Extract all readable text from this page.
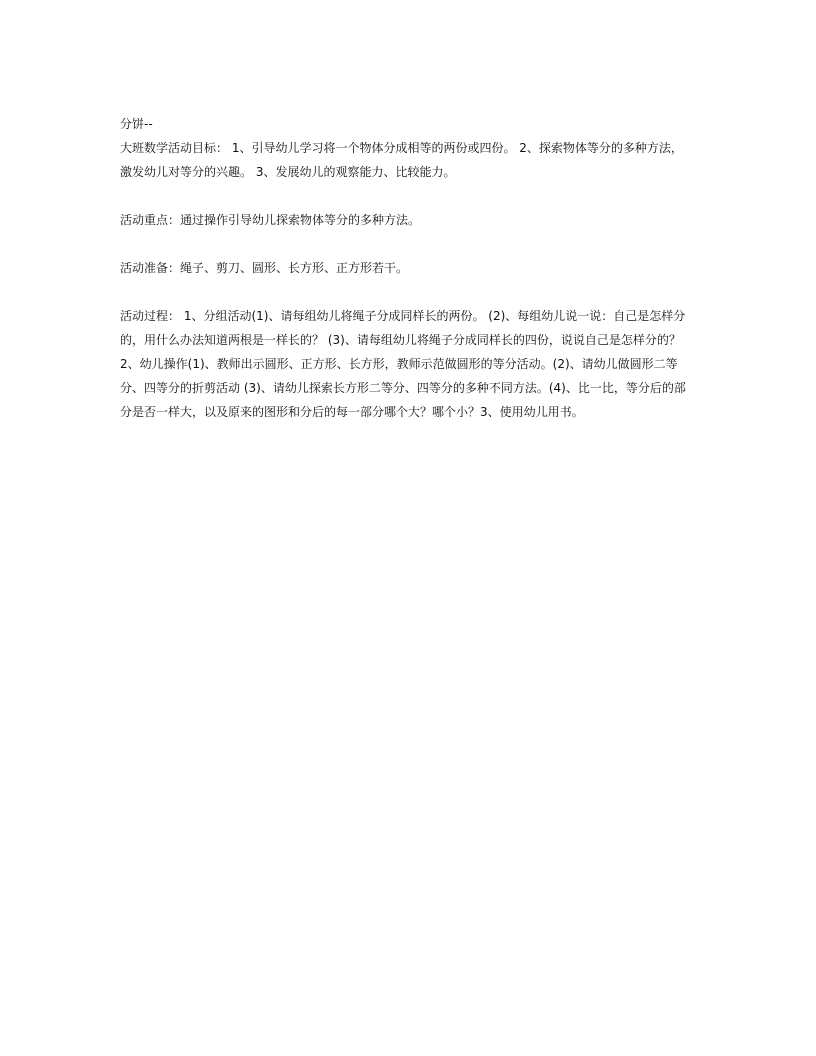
分饼--

大班数学活动目标： 1、引导幼儿学习将一个物体分成相等的两份或四份。 2、探索物体等分的多种方法，激发幼儿对等分的兴趣。 3、发展幼儿的观察能力、比较能力。

活动重点：通过操作引导幼儿探索物体等分的多种方法。

活动准备：绳子、剪刀、圆形、长方形、正方形若干。

活动过程： 1、分组活动(1)、请每组幼儿将绳子分成同样长的两份。 (2)、每组幼儿说一说：自己是怎样分的，用什么办法知道两根是一样长的？ (3)、请每组幼儿将绳子分成同样长的四份，说说自己是怎样分的？ 2、幼儿操作(1)、教师出示圆形、正方形、长方形，教师示范做圆形的等分活动。(2)、请幼儿做圆形二等分、四等分的折剪活动 (3)、请幼儿探索长方形二等分、四等分的多种不同方法。(4)、比一比，等分后的部分是否一样大，以及原来的图形和分后的每一部分哪个大？哪个小？3、使用幼儿用书。
